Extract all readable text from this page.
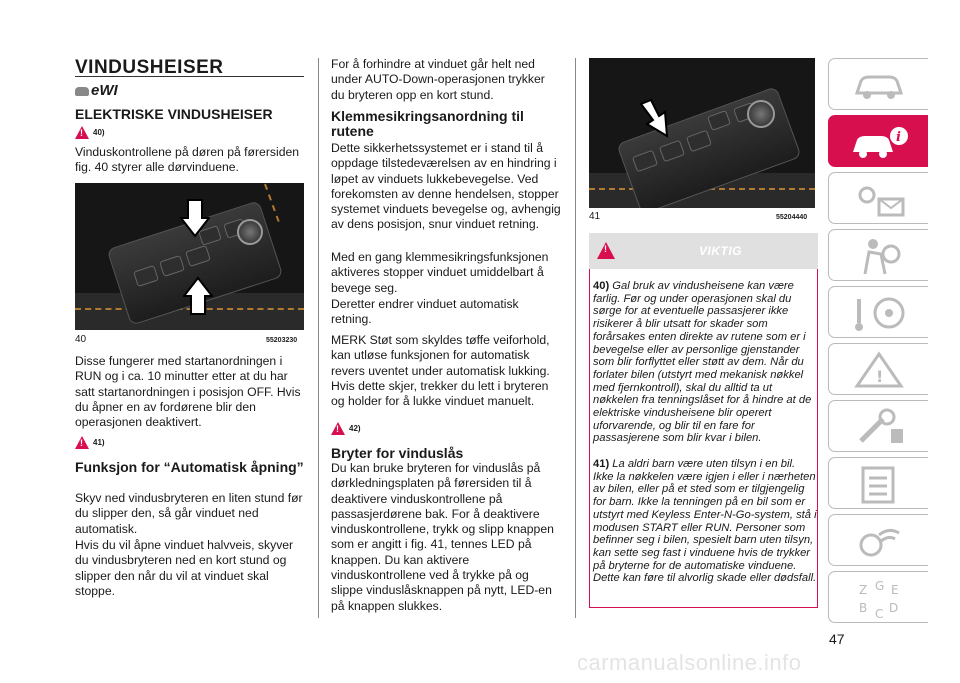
VINDUSHEISER
eWI
ELEKTRISKE VINDUSHEISER
!
40)
Vinduskontrollene på døren på førersiden fig. 40 styrer alle dørvinduene.
40	55203230
Disse fungerer med startanordningen i RUN og i ca. 10 minutter etter at du har satt startanordningen i posisjon OFF. Hvis du åpner en av fordørene blir den operasjonen deaktivert.
!
41)
Funksjon for “Automatisk åpning”
Skyv ned vindusbryteren en liten stund før du slipper den, så går vinduet ned automatisk.
Hvis du vil åpne vinduet halvveis, skyver du vindusbryteren ned en kort stund og slipper den når du vil at vinduet skal stoppe.
For å forhindre at vinduet går helt ned under AUTO-Down-operasjonen trykker du bryteren opp en kort stund.
Klemmesikringsanordning til rutene
Dette sikkerhetssystemet er i stand til å oppdage tilstedeværelsen av en hindring i løpet av vinduets lukkebevegelse. Ved forekomsten av denne hendelsen, stopper systemet vinduets bevegelse og, avhengig av dens posisjon, snur vinduet retning.
Med en gang klemmesikringsfunksjonen aktiveres stopper vinduet umiddelbart å bevege seg.
Deretter endrer vinduet automatisk retning.
MERK Støt som skyldes tøffe veiforhold, kan utløse funksjonen for automatisk revers uventet under automatisk lukking. Hvis dette skjer, trekker du lett i bryteren og holder for å lukke vinduet manuelt.
!
42)
Bryter for vinduslås
Du kan bruke bryteren for vinduslås på dørkledningsplaten på førersiden til å deaktivere vinduskontrollene på passasjerdørene bak. For å deaktivere vinduskontrollene, trykk og slipp knappen som er angitt i fig. 41, tennes LED på knappen. Du kan aktivere vinduskontrollene ved å trykke på og slippe vinduslåsknappen på nytt, LED-en på knappen slukkes.
41	55204440
!
VIKTIG
40) Gal bruk av vindusheisene kan være farlig. Før og under operasjonen skal du sørge for at eventuelle passasjerer ikke risikerer å blir utsatt for skader som forårsakes enten direkte av rutene som er i bevegelse eller av personlige gjenstander som blir forflyttet eller støtt av dem. Når du forlater bilen (utstyrt med mekanisk nøkkel med fjernkontroll), skal du alltid ta ut nøkkelen fra tenningslåset for å hindre at de elektriske vindusheisene blir operert uforvarende, og blir til en fare for passasjerene som blir kvar i bilen.
41) La aldri barn være uten tilsyn i en bil. Ikke la nøkkelen være igjen i eller i nærheten av bilen, eller på et sted som er tilgjengelig for barn. Ikke la tenningen på en bil som er utstyrt med Keyless Enter-N-Go-system, stå i modusen START eller RUN. Personer som befinner seg i bilen, spesielt barn uten tilsyn, kan sette seg fast i vinduene hvis de trykker på bryterne for de automatiske vinduene. Dette kan føre til alvorlig skade eller dødsfall.
47
i
!
Z G E
B C D
carmanualsonline.info
